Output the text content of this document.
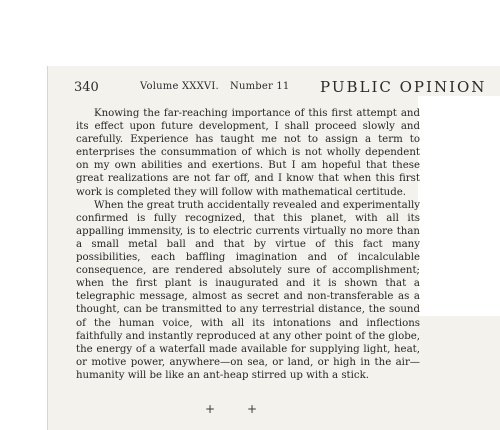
340	Volume XXXVI. Number 11 PUBLIC OPINION

Knowing the far-reaching importance of this first attempt and its effect upon future development, I shall proceed slowly and carefully. Experience has taught me not to assign a term to enterprises the consummation of which is not wholly dependent on my own abilities and exertions. But I am hopeful that these great realizations are not far off, and I know that when this first work is completed they will follow with mathematical certitude.

When the great truth accidentally revealed and experimentally confirmed is fully recognized, that this planet, with all its appalling immensity, is to electric currents virtually no more than a small metal ball and that by virtue of this fact many possibilities, each baffling imagination and of incalculable consequence, are rendered absolutely sure of accomplishment; when the first plant is inaugurated and it is shown that a telegraphic message, almost as secret and non-transferable as a thought, can be transmitted to any terrestrial distance, the sound of the human voice, with all its intonations and inflections faithfully and instantly reproduced at any other point of the globe, the energy of a waterfall made available for supplying light, heat, or motive power, anywhere—on sea, or land, or high in the air—humanity will be like an ant-heap stirred up with a stick.

+	+
